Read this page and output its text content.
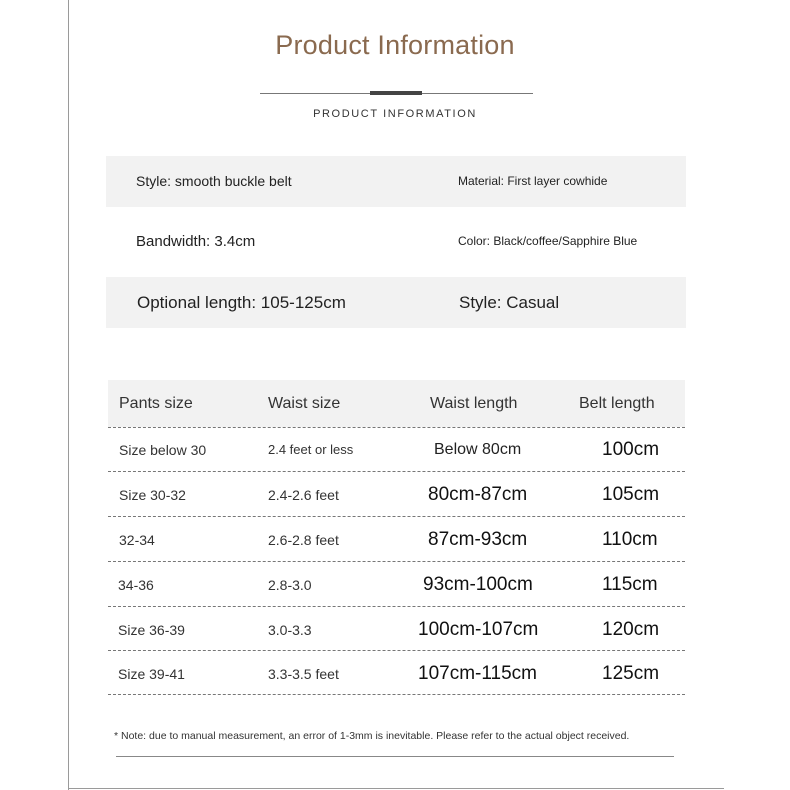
Product Information
PRODUCT INFORMATION
Style: smooth buckle belt	Material: First layer cowhide
Bandwidth: 3.4cm	Color: Black/coffee/Sapphire Blue
Optional length: 105-125cm	Style: Casual
Pants size	Waist size	Waist length	Belt length
Size below 30	2.4 feet or less	Below 80cm	100cm
Size 30-32	2.4-2.6 feet	80cm-87cm	105cm
32-34	2.6-2.8 feet	87cm-93cm	110cm
34-36	2.8-3.0	93cm-100cm	115cm
Size 36-39	3.0-3.3	100cm-107cm	120cm
Size 39-41	3.3-3.5 feet	107cm-115cm	125cm
* Note: due to manual measurement, an error of 1-3mm is inevitable. Please refer to the actual object received.
